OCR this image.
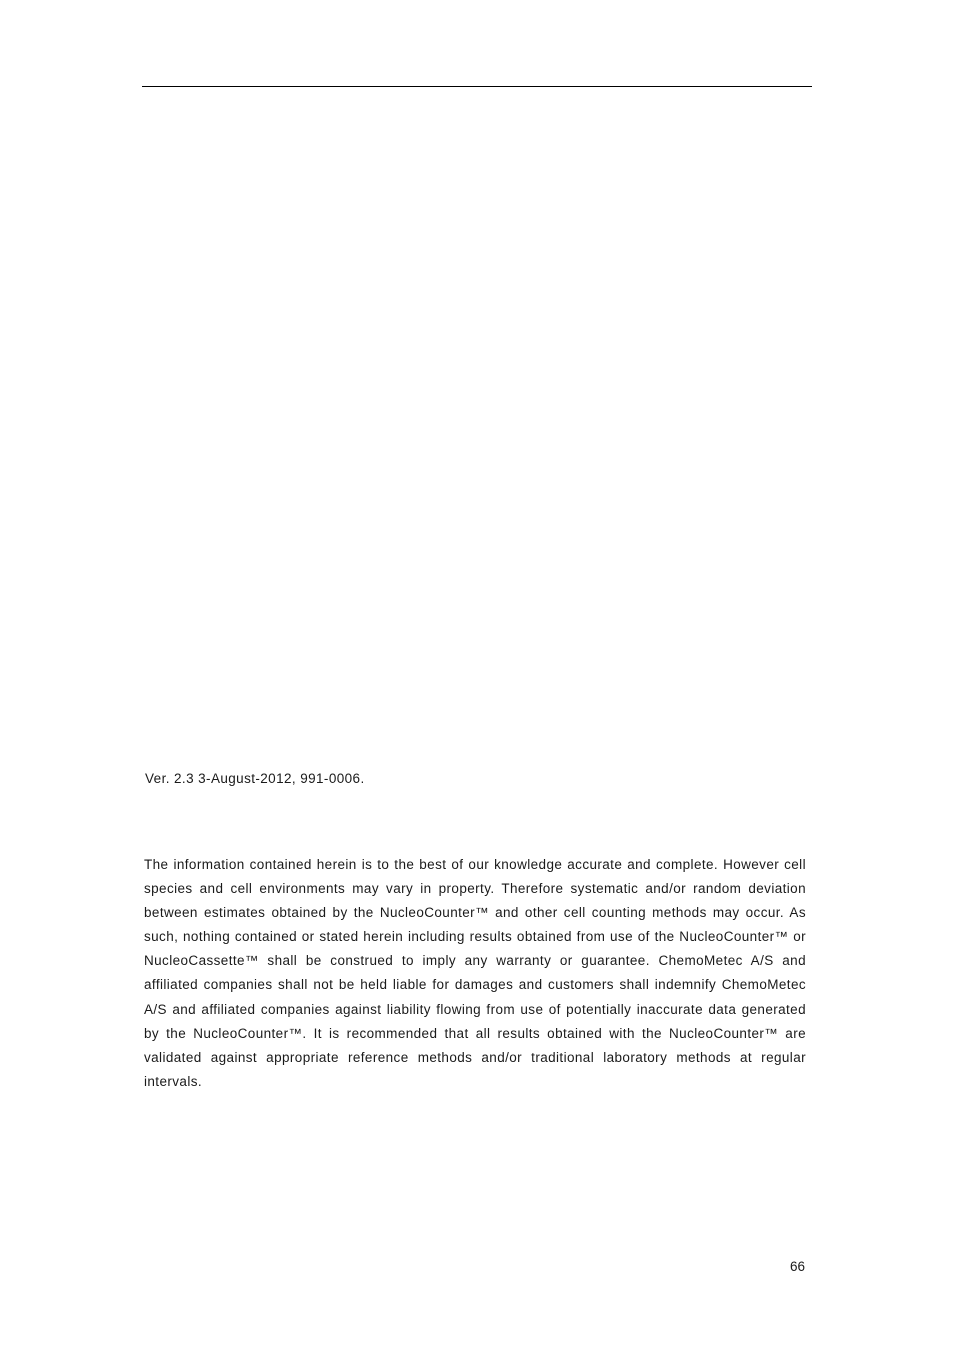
Ver. 2.3 3-August-2012, 991-0006.

The information contained herein is to the best of our knowledge accurate and complete. However cell species and cell environments may vary in property. Therefore systematic and/or random deviation between estimates obtained by the NucleoCounter™ and other cell counting methods may occur. As such, nothing contained or stated herein including results obtained from use of the NucleoCounter™ or NucleoCassette™ shall be construed to imply any warranty or guarantee. ChemoMetec A/S and affiliated companies shall not be held liable for damages and customers shall indemnify ChemoMetec A/S and affiliated companies against liability flowing from use of potentially inaccurate data generated by the NucleoCounter™. It is recommended that all results obtained with the NucleoCounter™ are validated against appropriate reference methods and/or traditional laboratory methods at regular intervals.

66
